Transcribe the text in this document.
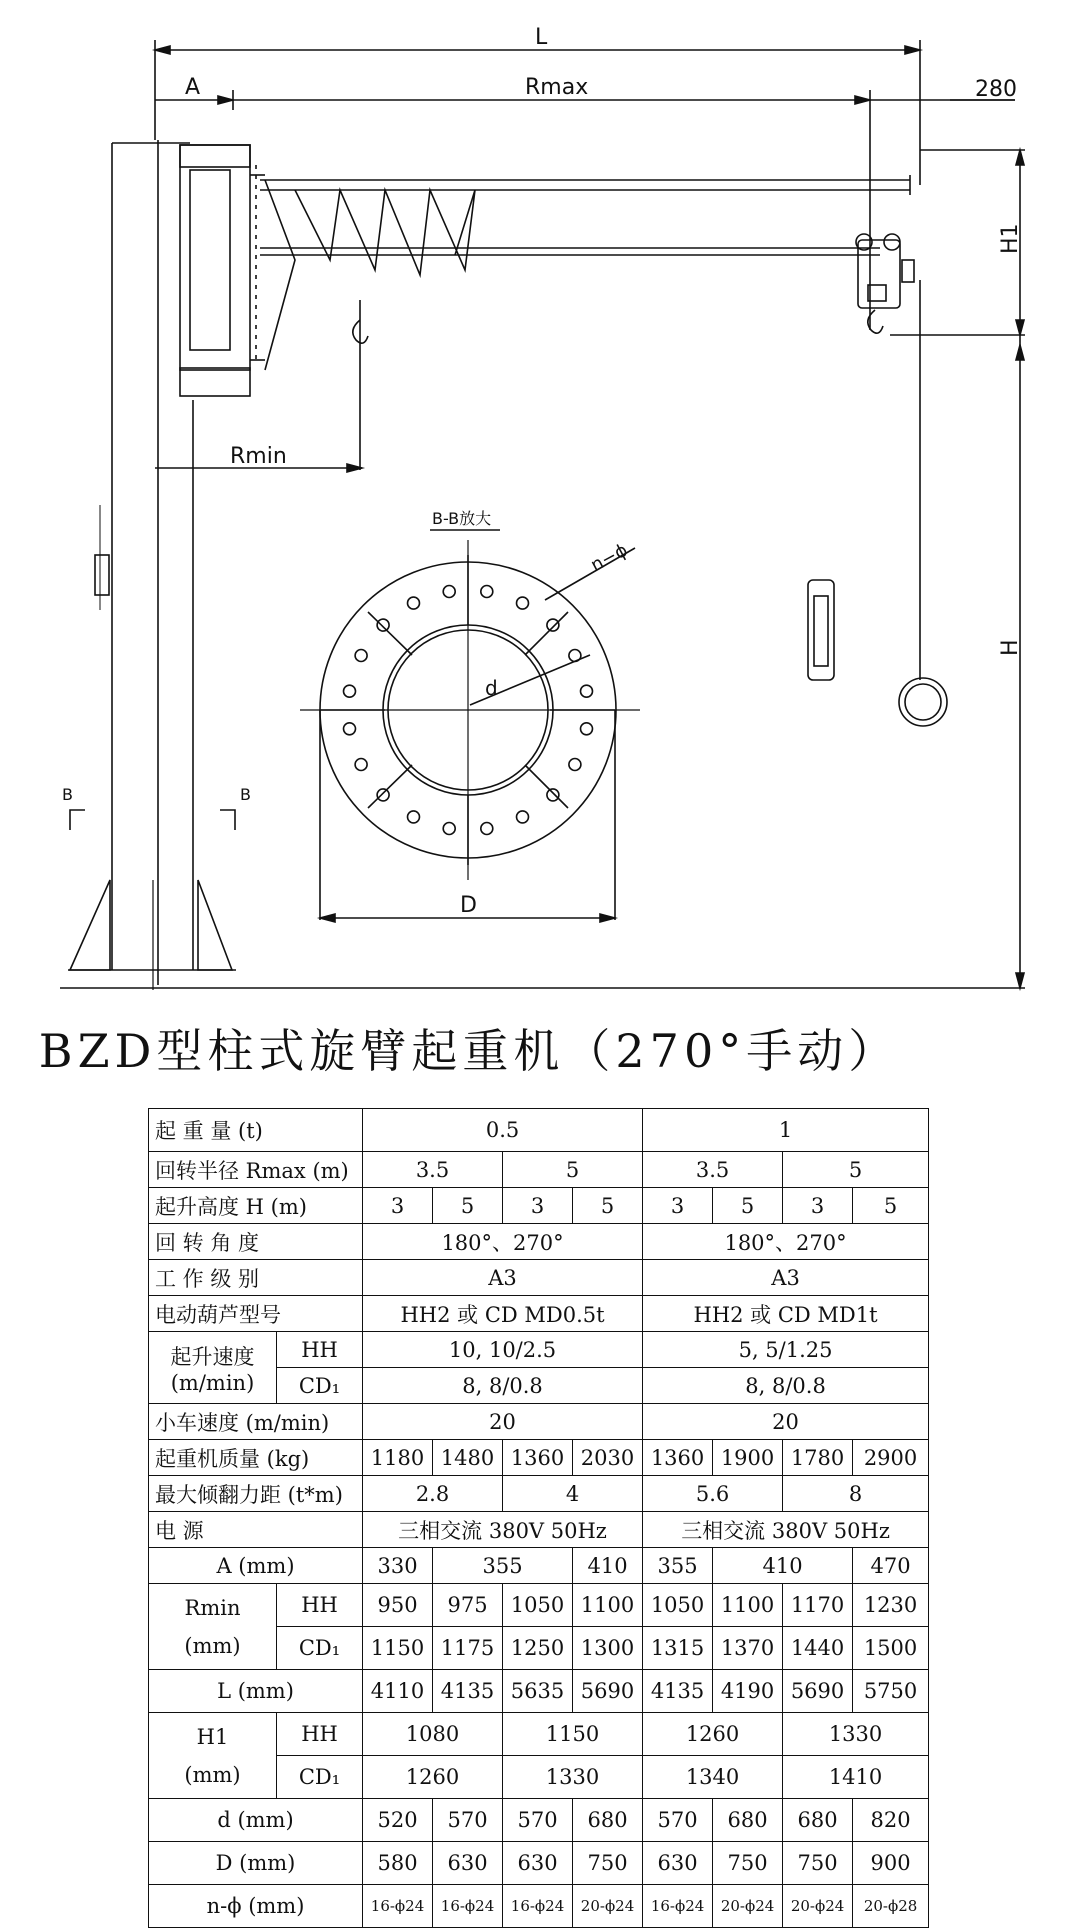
L
A	Rmax	280
H1
H
Rmin
B-B放大
n−ϕ
d
D
B	B
BZD型柱式旋臂起重机（270°手动）
起 重 量 (t)		0.5				1			
回转半径 Rmax (m)		3.5		5		3.5		5	
起升高度 H (m)		3	5	3	5	3	5	3	5
回 转 角 度		180°、270°				180°、270°			
工 作 级 别		A3				A3			
电动葫芦型号		HH2 或 CD MD0.5t				HH2 或 CD MD1t			

起升速度
(m/min)	HH	10, 10/2.5				5, 5/1.25			
	CD₁	8, 8/0.8				8, 8/0.8			
小车速度 (m/min)		20				20			
起重机质量 (kg)		1180	1480	1360	2030	1360	1900	1780	2900
最大倾翻力距 (t*m)		2.8		4		5.6		8	
电 源		三相交流 380V 50Hz				三相交流 380V 50Hz			
A (mm)		330	355		410	355	410		470

Rmin
(mm)	HH	950	975	1050	1100	1050	1100	1170	1230
	CD₁	1150	1175	1250	1300	1315	1370	1440	1500
L (mm)		4110	4135	5635	5690	4135	4190	5690	5750

H1
(mm)	HH	1080		1150		1260		1330	
	CD₁	1260		1330		1340		1410	
d (mm)		520	570	570	680	570	680	680	820
D (mm)		580	630	630	750	630	750	750	900
n-ϕ (mm)		16-ϕ24	16-ϕ24	16-ϕ24	20-ϕ24	16-ϕ24	20-ϕ24	20-ϕ24	20-ϕ28
